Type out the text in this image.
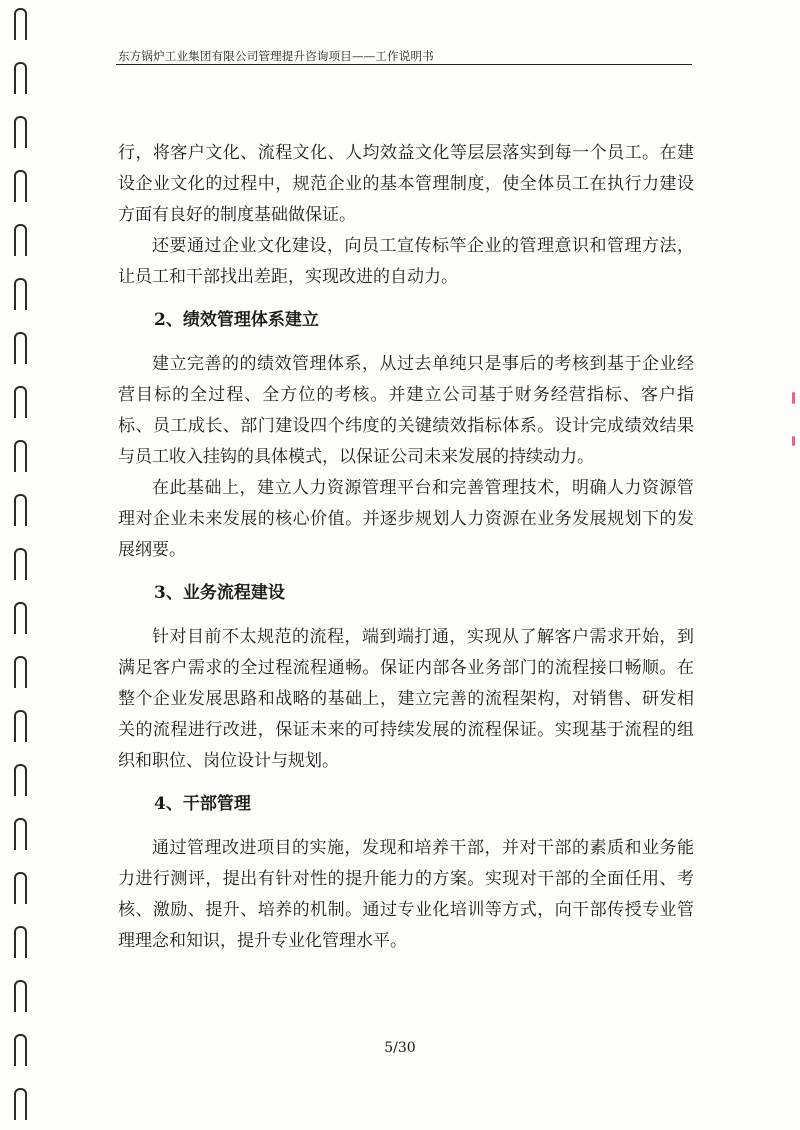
东方锅炉工业集团有限公司管理提升咨询项目——工作说明书

行，将客户文化、流程文化、人均效益文化等层层落实到每一个员工。在建设企业文化的过程中，规范企业的基本管理制度，使全体员工在执行力建设方面有良好的制度基础做保证。

还要通过企业文化建设，向员工宣传标竿企业的管理意识和管理方法，让员工和干部找出差距，实现改进的自动力。

2、绩效管理体系建立

建立完善的的绩效管理体系，从过去单纯只是事后的考核到基于企业经营目标的全过程、全方位的考核。并建立公司基于财务经营指标、客户指标、员工成长、部门建设四个纬度的关键绩效指标体系。设计完成绩效结果与员工收入挂钩的具体模式，以保证公司未来发展的持续动力。

在此基础上，建立人力资源管理平台和完善管理技术，明确人力资源管理对企业未来发展的核心价值。并逐步规划人力资源在业务发展规划下的发展纲要。

3、业务流程建设

针对目前不太规范的流程，端到端打通，实现从了解客户需求开始，到满足客户需求的全过程流程通畅。保证内部各业务部门的流程接口畅顺。在整个企业发展思路和战略的基础上，建立完善的流程架构，对销售、研发相关的流程进行改进，保证未来的可持续发展的流程保证。实现基于流程的组织和职位、岗位设计与规划。

4、干部管理

通过管理改进项目的实施，发现和培养干部，并对干部的素质和业务能力进行测评，提出有针对性的提升能力的方案。实现对干部的全面任用、考核、激励、提升、培养的机制。通过专业化培训等方式，向干部传授专业管理理念和知识，提升专业化管理水平。

5/30
